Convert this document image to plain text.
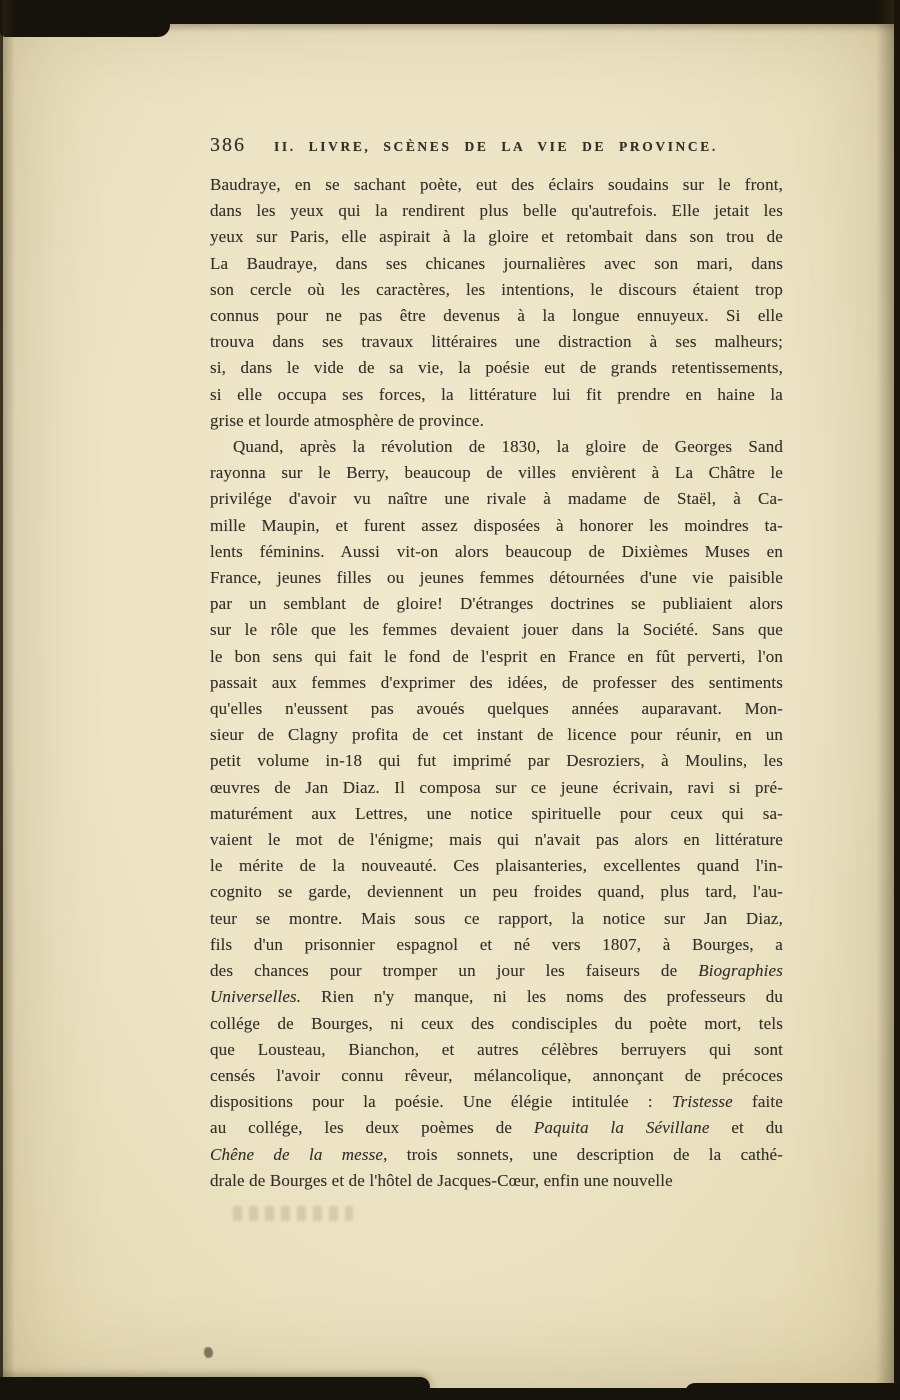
386 II. LIVRE, SCÈNES DE LA VIE DE PROVINCE.
Baudraye, en se sachant poète, eut des éclairs soudains sur le front,
dans les yeux qui la rendirent plus belle qu'autrefois. Elle jetait les
yeux sur Paris, elle aspirait à la gloire et retombait dans son trou de
La Baudraye, dans ses chicanes journalières avec son mari, dans
son cercle où les caractères, les intentions, le discours étaient trop
connus pour ne pas être devenus à la longue ennuyeux. Si elle
trouva dans ses travaux littéraires une distraction à ses malheurs;
si, dans le vide de sa vie, la poésie eut de grands retentissements,
si elle occupa ses forces, la littérature lui fit prendre en haine la
grise et lourde atmosphère de province.
Quand, après la révolution de 1830, la gloire de Georges Sand
rayonna sur le Berry, beaucoup de villes envièrent à La Châtre le
privilége d'avoir vu naître une rivale à madame de Staël, à Ca-
mille Maupin, et furent assez disposées à honorer les moindres ta-
lents féminins. Aussi vit-on alors beaucoup de Dixièmes Muses en
France, jeunes filles ou jeunes femmes détournées d'une vie paisible
par un semblant de gloire! D'étranges doctrines se publiaient alors
sur le rôle que les femmes devaient jouer dans la Société. Sans que
le bon sens qui fait le fond de l'esprit en France en fût perverti, l'on
passait aux femmes d'exprimer des idées, de professer des sentiments
qu'elles n'eussent pas avoués quelques années auparavant. Mon-
sieur de Clagny profita de cet instant de licence pour réunir, en un
petit volume in-18 qui fut imprimé par Desroziers, à Moulins, les
œuvres de Jan Diaz. Il composa sur ce jeune écrivain, ravi si pré-
maturément aux Lettres, une notice spirituelle pour ceux qui sa-
vaient le mot de l'énigme; mais qui n'avait pas alors en littérature
le mérite de la nouveauté. Ces plaisanteries, excellentes quand l'in-
cognito se garde, deviennent un peu froides quand, plus tard, l'au-
teur se montre. Mais sous ce rapport, la notice sur Jan Diaz,
fils d'un prisonnier espagnol et né vers 1807, à Bourges, a
des chances pour tromper un jour les faiseurs de Biographies
Universelles. Rien n'y manque, ni les noms des professeurs du
collége de Bourges, ni ceux des condisciples du poète mort, tels
que Lousteau, Bianchon, et autres célèbres berruyers qui sont
censés l'avoir connu rêveur, mélancolique, annonçant de précoces
dispositions pour la poésie. Une élégie intitulée : Tristesse faite
au collége, les deux poèmes de Paquita la Sévillane et du
Chêne de la messe, trois sonnets, une description de la cathé-
drale de Bourges et de l'hôtel de Jacques-Cœur, enfin une nouvelle
